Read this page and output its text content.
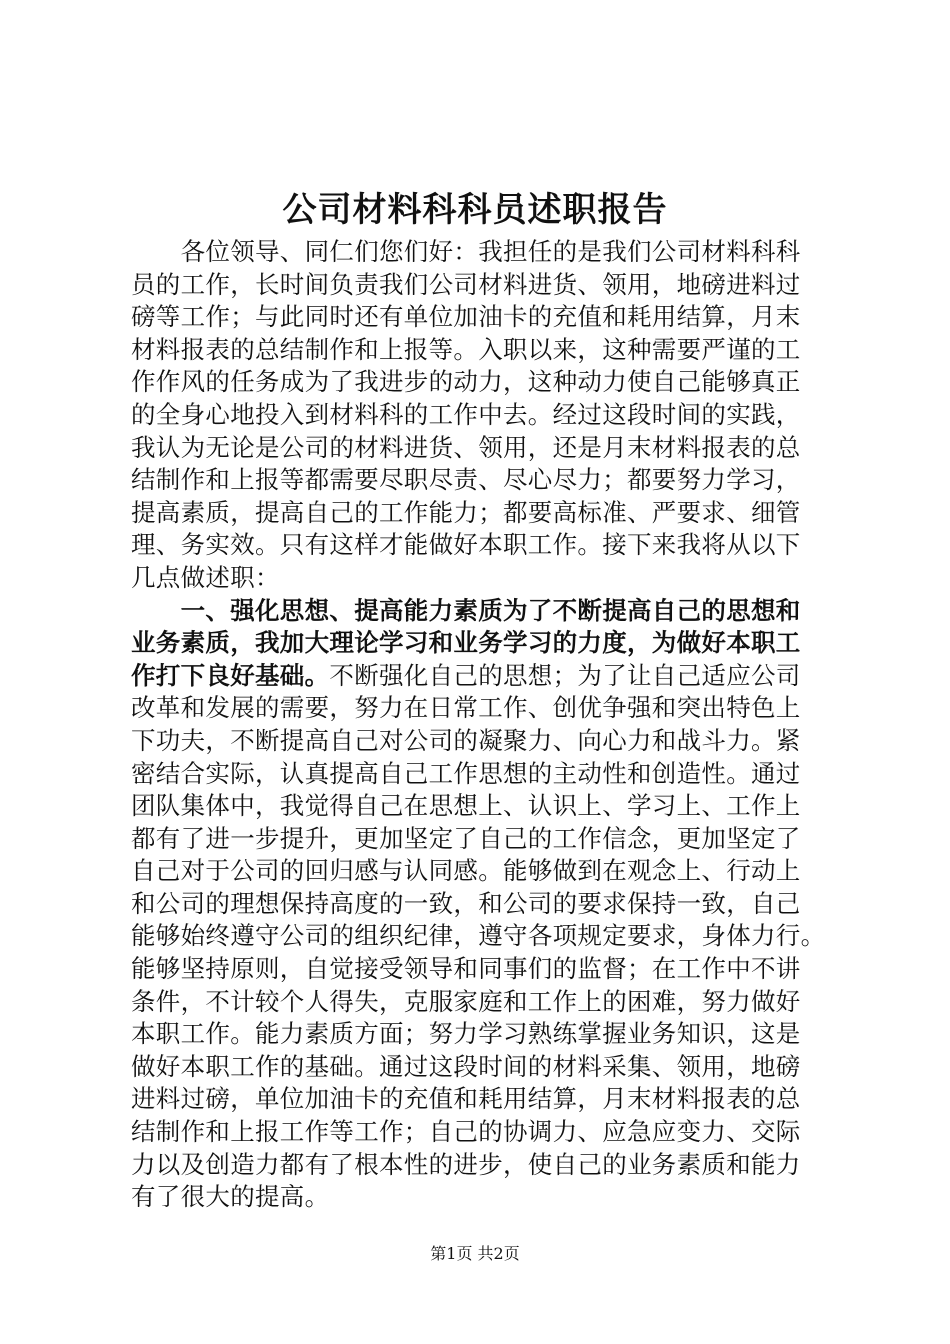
公司材料科科员述职报告
　　各位领导、同仁们您们好：我担任的是我们公司材料科科
员的工作，长时间负责我们公司材料进货、领用，地磅进料过
磅等工作；与此同时还有单位加油卡的充值和耗用结算，月末
材料报表的总结制作和上报等。入职以来，这种需要严谨的工
作作风的任务成为了我进步的动力，这种动力使自己能够真正
的全身心地投入到材料科的工作中去。经过这段时间的实践，
我认为无论是公司的材料进货、领用，还是月末材料报表的总
结制作和上报等都需要尽职尽责、尽心尽力；都要努力学习，
提高素质，提高自己的工作能力；都要高标准、严要求、细管
理、务实效。只有这样才能做好本职工作。接下来我将从以下
几点做述职：
　　一、强化思想、提高能力素质为了不断提高自己的思想和
业务素质，我加大理论学习和业务学习的力度，为做好本职工
作打下良好基础。不断强化自己的思想；为了让自己适应公司
改革和发展的需要，努力在日常工作、创优争强和突出特色上
下功夫，不断提高自己对公司的凝聚力、向心力和战斗力。紧
密结合实际，认真提高自己工作思想的主动性和创造性。通过
团队集体中，我觉得自己在思想上、认识上、学习上、工作上
都有了进一步提升，更加坚定了自己的工作信念，更加坚定了
自己对于公司的回归感与认同感。能够做到在观念上、行动上
和公司的理想保持高度的一致，和公司的要求保持一致，自己
能够始终遵守公司的组织纪律，遵守各项规定要求，身体力行。
能够坚持原则，自觉接受领导和同事们的监督；在工作中不讲
条件，不计较个人得失，克服家庭和工作上的困难，努力做好
本职工作。能力素质方面；努力学习熟练掌握业务知识，这是
做好本职工作的基础。通过这段时间的材料采集、领用，地磅
进料过磅，单位加油卡的充值和耗用结算，月末材料报表的总
结制作和上报工作等工作；自己的协调力、应急应变力、交际
力以及创造力都有了根本性的进步，使自己的业务素质和能力
有了很大的提高。
第1页 共2页
